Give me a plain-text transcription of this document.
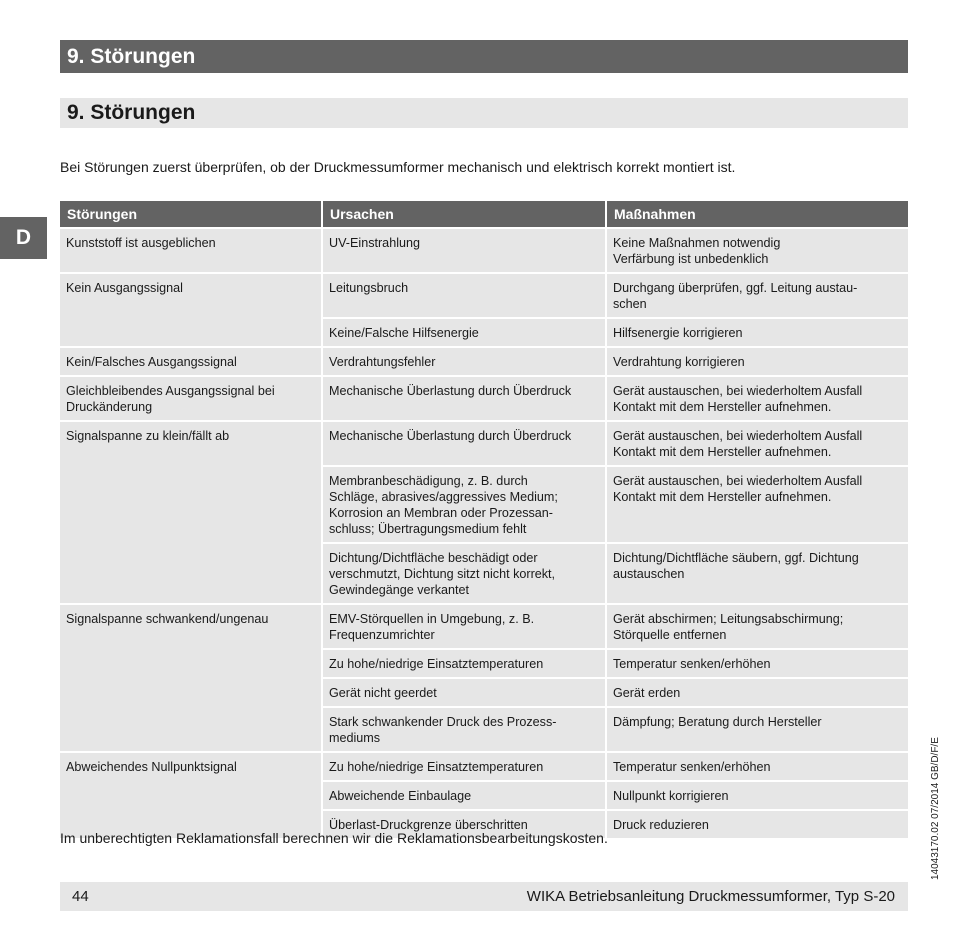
9. Störungen
9. Störungen
D
Bei Störungen zuerst überprüfen, ob der Druckmessumformer mechanisch und elektrisch korrekt montiert ist.
Störungen	Ursachen	Maßnahmen
Kunststoff ist ausgeblichen	UV-Einstrahlung	Keine Maßnahmen notwendig
Verfärbung ist unbedenklich
Kein Ausgangssignal	Leitungsbruch	Durchgang überprüfen, ggf. Leitung austau-
schen
	Keine/Falsche Hilfsenergie	Hilfsenergie korrigieren
Kein/Falsches Ausgangssignal	Verdrahtungsfehler	Verdrahtung korrigieren
Gleichbleibendes Ausgangssignal bei
Druckänderung	Mechanische Überlastung durch Überdruck	Gerät austauschen, bei wiederholtem Ausfall
Kontakt mit dem Hersteller aufnehmen.
Signalspanne zu klein/fällt ab	Mechanische Überlastung durch Überdruck	Gerät austauschen, bei wiederholtem Ausfall
Kontakt mit dem Hersteller aufnehmen.
	Membranbeschädigung, z. B. durch
Schläge, abrasives/aggressives Medium;
Korrosion an Membran oder Prozessan-
schluss; Übertragungsmedium fehlt	Gerät austauschen, bei wiederholtem Ausfall
Kontakt mit dem Hersteller aufnehmen.
	Dichtung/Dichtfläche beschädigt oder
verschmutzt, Dichtung sitzt nicht korrekt,
Gewindegänge verkantet	Dichtung/Dichtfläche säubern, ggf. Dichtung
austauschen
Signalspanne schwankend/ungenau	EMV-Störquellen in Umgebung, z. B.
Frequenzumrichter	Gerät abschirmen; Leitungsabschirmung;
Störquelle entfernen
	Zu hohe/niedrige Einsatztemperaturen	Temperatur senken/erhöhen
	Gerät nicht geerdet	Gerät erden
	Stark schwankender Druck des Prozess-
mediums	Dämpfung; Beratung durch Hersteller
Abweichendes Nullpunktsignal	Zu hohe/niedrige Einsatztemperaturen	Temperatur senken/erhöhen
	Abweichende Einbaulage	Nullpunkt korrigieren
	Überlast-Druckgrenze überschritten	Druck reduzieren
Im unberechtigten Reklamationsfall berechnen wir die Reklamationsbearbeitungskosten.
44	WIKA Betriebsanleitung Druckmessumformer, Typ S-20
14043170.02 07/2014 GB/D/F/E
